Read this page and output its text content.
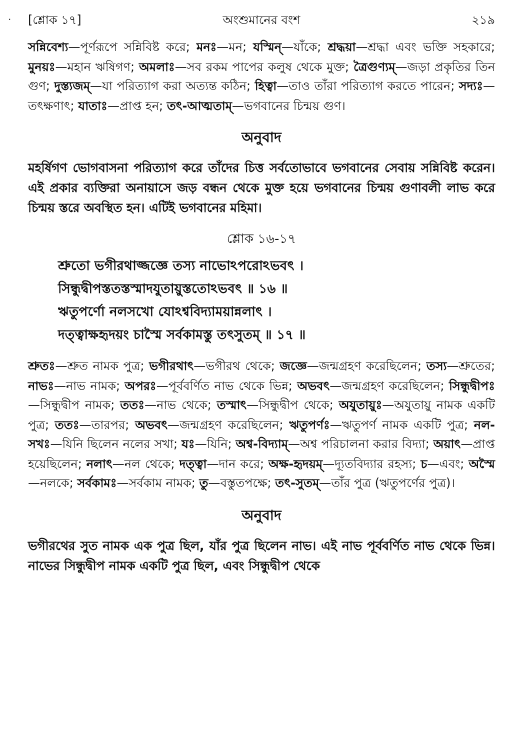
· [শ্লোক ১৭]	অংশুমানের বংশ	২১৯

সন্নিবেশ্য—পূর্ণরূপে সন্নিবিষ্ট করে; মনঃ—মন; যস্মিন্—যাঁকে; শ্রদ্ধয়া—শ্রদ্ধা এবং ভক্তি সহকারে; মুনয়ঃ—মহান ঋষিগণ; অমলাঃ—সব রকম পাপের কলুষ থেকে মুক্ত; ত্রৈগুণ্যম্—জড়া প্রকৃতির তিন গুণ; দুস্ত্যজম্—যা পরিত্যাগ করা অত্যন্ত কঠিন; হিত্বা—তাও তাঁরা পরিত্যাগ করতে পারেন; সদ্যঃ—তৎক্ষণাৎ; যাতাঃ—প্রাপ্ত হন; তৎ-আত্মতাম্—ভগবানের চিন্ময় গুণ।

অনুবাদ

মহর্ষিগণ ভোগবাসনা পরিত্যাগ করে তাঁদের চিত্ত সর্বতোভাবে ভগবানের সেবায় সন্নিবিষ্ট করেন। এই প্রকার ব্যক্তিরা অনায়াসে জড় বন্ধন থেকে মুক্ত হয়ে ভগবানের চিন্ময় গুণাবলী লাভ করে চিন্ময় স্তরে অবস্থিত হন। এটিই ভগবানের মহিমা।

শ্লোক ১৬-১৭
শ্রুতো ভগীরথাজ্জজ্ঞে তস্য নাভোঽপরোঽভবৎ ।
সিন্ধুদ্বীপস্ততস্তস্মাদযুতায়ুস্ততোঽভবৎ ॥ ১৬ ॥
ঋতুপর্ণো নলসখো যোঽশ্ববিদ্যাময়ান্নলাৎ ।
দত্ত্বাক্ষহৃদয়ং চাস্মৈ সর্বকামস্তু তৎসুতম্ ॥ ১৭ ॥

শ্রুতঃ—শ্রুত নামক পুত্র; ভগীরথাৎ—ভগীরথ থেকে; জজ্ঞে—জন্মগ্রহণ করেছিলেন; তস্য—শ্রুতের; নাভঃ—নাভ নামক; অপরঃ—পূর্ববর্ণিত নাভ থেকে ভিন্ন; অভবৎ—জন্মগ্রহণ করেছিলেন; সিন্ধুদ্বীপঃ—সিন্ধুদ্বীপ নামক; ততঃ—নাভ থেকে; তস্মাৎ—সিন্ধুদ্বীপ থেকে; অযুতায়ুঃ—অযুতায়ু নামক একটি পুত্র; ততঃ—তারপর; অভবৎ—জন্মগ্রহণ করেছিলেন; ঋতুপর্ণঃ—ঋতুপর্ণ নামক একটি পুত্র; নল-সখঃ—যিনি ছিলেন নলের সখা; যঃ—যিনি; অশ্ব-বিদ্যাম্—অশ্ব পরিচালনা করার বিদ্যা; অয়াৎ—প্রাপ্ত হয়েছিলেন; নলাৎ—নল থেকে; দত্ত্বা—দান করে; অক্ষ-হৃদয়ম্—দ্যূতবিদ্যার রহস্য; চ—এবং; অস্মৈ—নলকে; সর্বকামঃ—সর্বকাম নামক; তু—বস্তুতপক্ষে; তৎ-সুতম্—তাঁর পুত্র (ঋতুপর্ণের পুত্র)।

অনুবাদ

ভগীরথের সুত নামক এক পুত্র ছিল, যাঁর পুত্র ছিলেন নাভ। এই নাভ পূর্ববর্ণিত নাভ থেকে ভিন্ন। নাভের সিন্ধুদ্বীপ নামক একটি পুত্র ছিল, এবং সিন্ধুদ্বীপ থেকে
